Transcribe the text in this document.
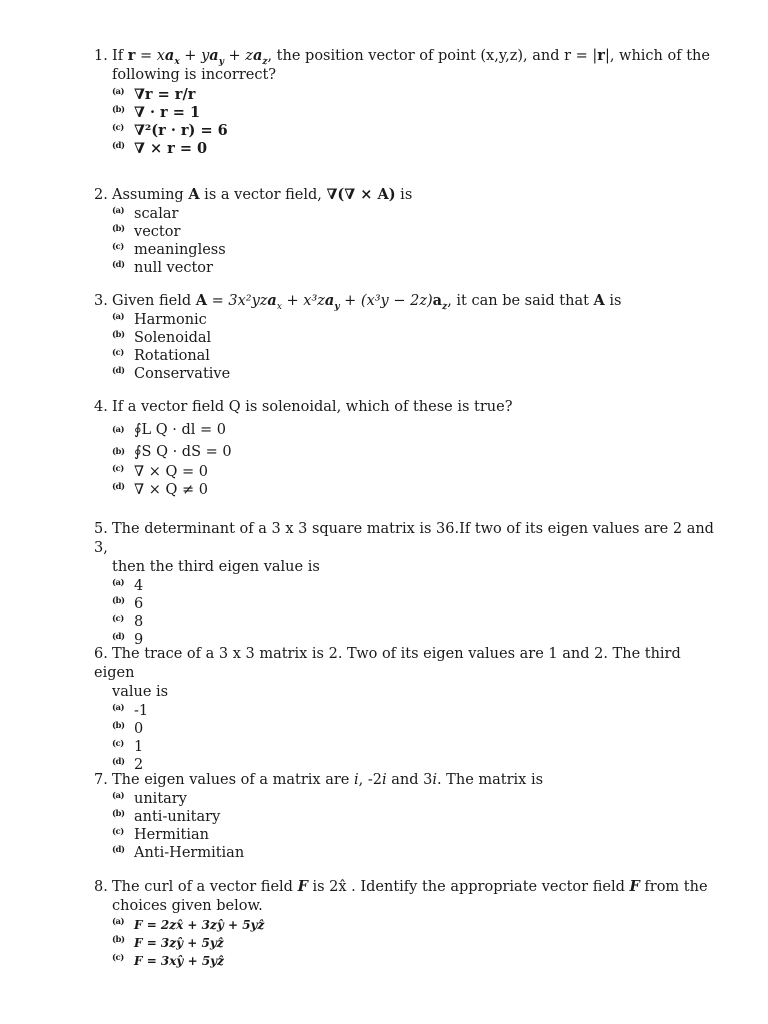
1. If $r = xa_x + ya_y + za_z$, the position vector of point (x,y,z), and r = |r|, which of the
following is incorrect?
(a) ∇r = r/r
(b) ∇ · r = 1
(c) ∇²(r · r) = 6
(d) ∇ × r = 0
2. Assuming A is a vector field, ∇(∇ × A) is
(a) scalar
(b) vector
(c) meaningless
(d) null vector
3. Given field $A = 3x^2yza_x + x^3za_y + (x^3y - 2z)a_z$, it can be said that A is
(a) Harmonic
(b) Solenoidal
(c) Rotational
(d) Conservative
4. If a vector field Q is solenoidal, which of these is true?
(a) ∮L Q · dl = 0
(b) ∮S Q · dS = 0
(c) ∇ × Q = 0
(d) ∇ × Q ≠ 0
5. The determinant of a 3 x 3 square matrix is 36.If two of its eigen values are 2 and 3,
then the third eigen value is
(a) 4
(b) 6
(c) 8
(d) 9
6. The trace of a 3 x 3 matrix is 2. Two of its eigen values are 1 and 2. The third eigen
value is
(a) -1
(b) 0
(c) 1
(d) 2
7. The eigen values of a matrix are i, -2i and 3i. The matrix is
(a) unitary
(b) anti-unitary
(c) Hermitian
(d) Anti-Hermitian
8. The curl of a vector field F is 2x̂ . Identify the appropriate vector field F from the
choices given below.
(a) F = 2zx̂ + 3zŷ + 5yẑ
(b) F = 3zŷ + 5yẑ
(c) F = 3xŷ + 5yẑ
